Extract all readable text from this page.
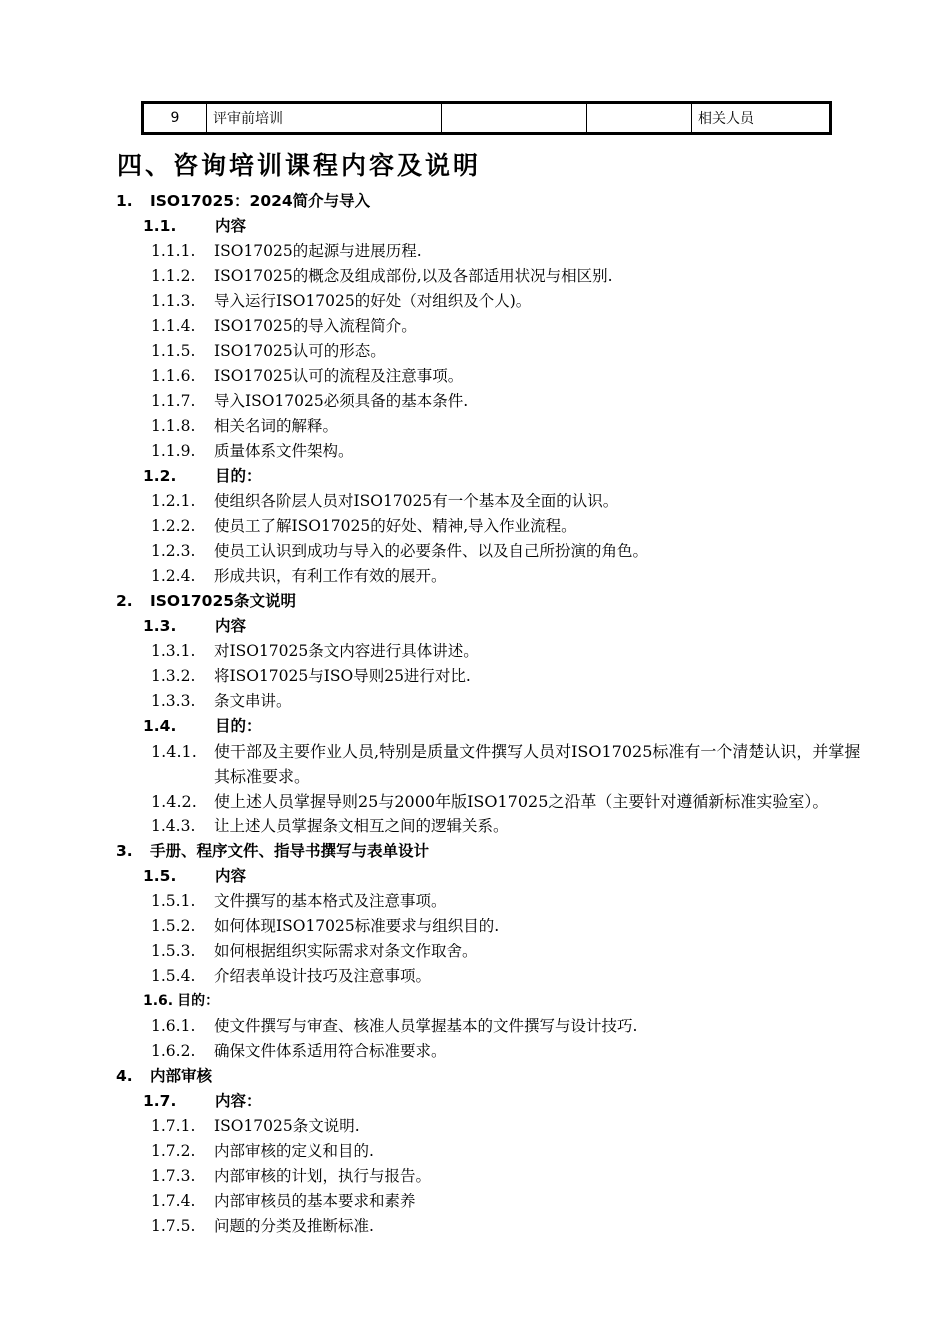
9	评审前培训			相关人员
四、咨询培训课程内容及说明
1. ISO17025：2024简介与导入
1.1. 内容
1.1.1. ISO17025的起源与进展历程.
1.1.2. ISO17025的概念及组成部份,以及各部适用状况与相区别.
1.1.3. 导入运行ISO17025的好处（对组织及个人)。
1.1.4. ISO17025的导入流程简介。
1.1.5. ISO17025认可的形态。
1.1.6. ISO17025认可的流程及注意事项。
1.1.7. 导入ISO17025必须具备的基本条件.
1.1.8. 相关名词的解释。
1.1.9. 质量体系文件架构。
1.2. 目的：
1.2.1. 使组织各阶层人员对ISO17025有一个基本及全面的认识。
1.2.2. 使员工了解ISO17025的好处、精神,导入作业流程。
1.2.3. 使员工认识到成功与导入的必要条件、以及自己所扮演的角色。
1.2.4. 形成共识，有利工作有效的展开。
2. ISO17025条文说明
1.3. 内容
1.3.1. 对ISO17025条文内容进行具体讲述。
1.3.2. 将ISO17025与ISO导则25进行对比.
1.3.3. 条文串讲。
1.4. 目的：
1.4.1. 使干部及主要作业人员,特别是质量文件撰写人员对ISO17025标准有一个清楚认识，并掌握其标准要求。
1.4.2. 使上述人员掌握导则25与2000年版ISO17025之沿革（主要针对遵循新标准实验室）。
1.4.3. 让上述人员掌握条文相互之间的逻辑关系。
3. 手册、程序文件、指导书撰写与表单设计
1.5. 内容
1.5.1. 文件撰写的基本格式及注意事项。
1.5.2. 如何体现ISO17025标准要求与组织目的.
1.5.3. 如何根据组织实际需求对条文作取舍。
1.5.4. 介绍表单设计技巧及注意事项。
1.6. 目的：
1.6.1. 使文件撰写与审查、核准人员掌握基本的文件撰写与设计技巧.
1.6.2. 确保文件体系适用符合标准要求。
4. 内部审核
1.7. 内容：
1.7.1. ISO17025条文说明.
1.7.2. 内部审核的定义和目的.
1.7.3. 内部审核的计划，执行与报告。
1.7.4. 内部审核员的基本要求和素养
1.7.5. 问题的分类及推断标准.
